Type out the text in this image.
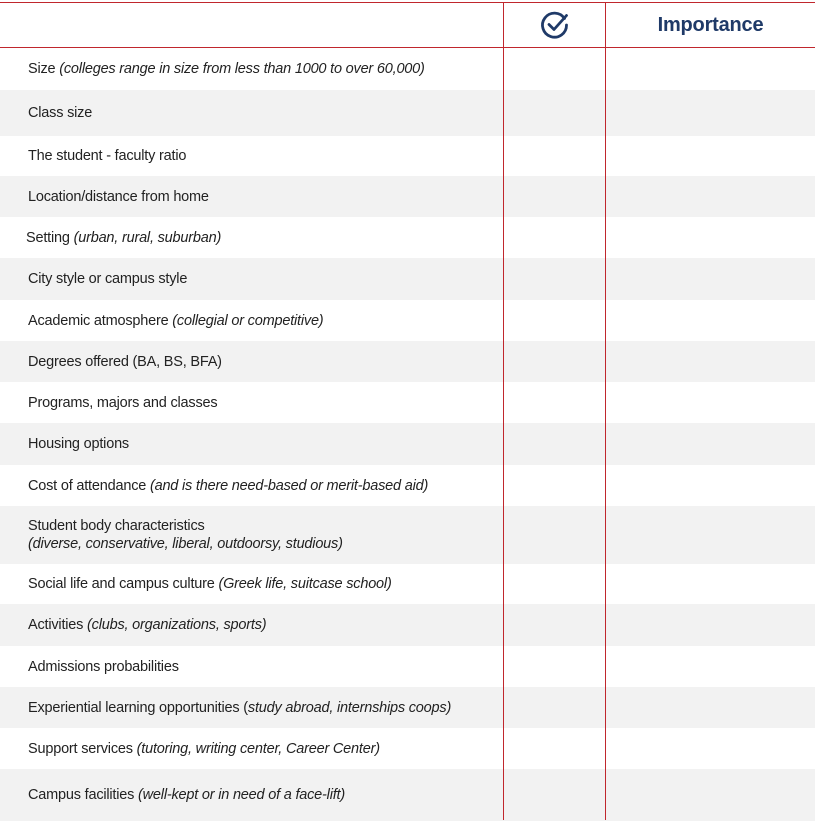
Importance
Size (colleges range in size from less than 1000 to over 60,000)
Class size
The student - faculty ratio
Location/distance from home
Setting (urban, rural, suburban)
City style or campus style
Academic atmosphere (collegial or competitive)
Degrees offered (BA, BS, BFA)
Programs, majors and classes
Housing options
Cost of attendance (and is there need-based or merit-based aid)
Student body characteristics
(diverse, conservative, liberal, outdoorsy, studious)
Social life and campus culture (Greek life, suitcase school)
Activities (clubs, organizations, sports)
Admissions probabilities
Experiential learning opportunities (study abroad, internships coops)
Support services (tutoring, writing center, Career Center)
Campus facilities (well-kept or in need of a face-lift)
